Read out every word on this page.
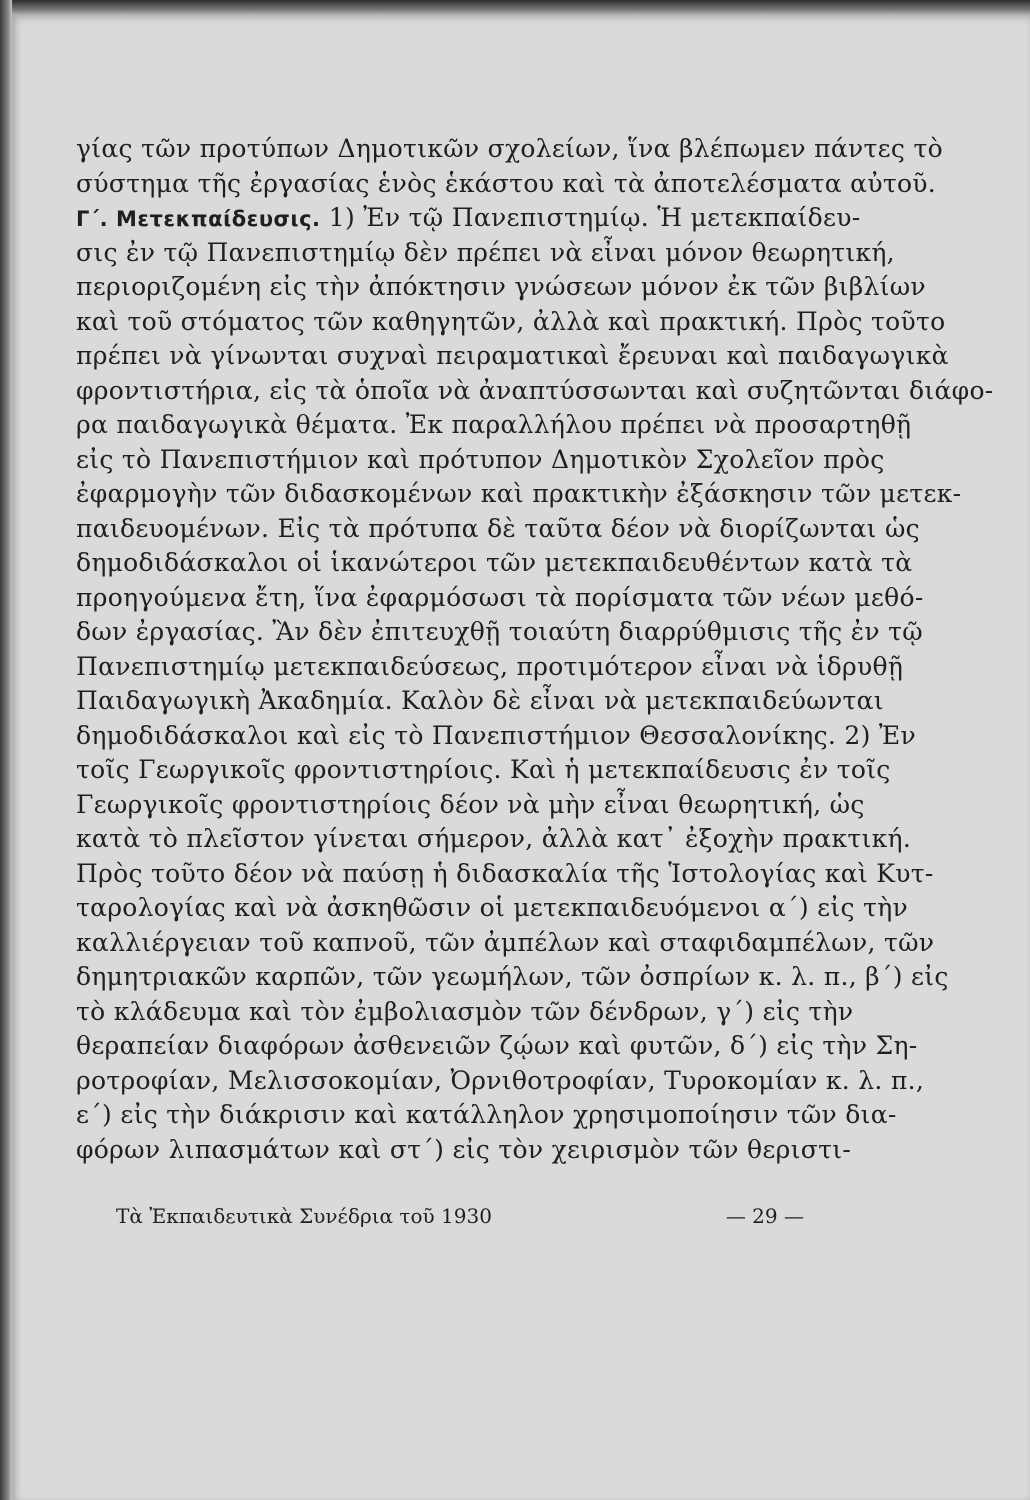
γίας τῶν προτύπων Δημοτικῶν σχολείων, ἵνα βλέπωμεν πάντες τὸ
σύστημα τῆς ἐργασίας ἑνὸς ἑκάστου καὶ τὰ ἀποτελέσματα αὐτοῦ.
Γ΄. Μετεκπαίδευσις. 1) Ἐν τῷ Πανεπιστημίῳ. Ἡ μετεκπαίδευ-
σις ἐν τῷ Πανεπιστημίῳ δὲν πρέπει νὰ εἶναι μόνον θεωρητική,
περιοριζομένη εἰς τὴν ἀπόκτησιν γνώσεων μόνον ἐκ τῶν βιβλίων
καὶ τοῦ στόματος τῶν καθηγητῶν, ἀλλὰ καὶ πρακτική. Πρὸς τοῦτο
πρέπει νὰ γίνωνται συχναὶ πειραματικαὶ ἔρευναι καὶ παιδαγωγικὰ
φροντιστήρια, εἰς τὰ ὁποῖα νὰ ἀναπτύσσωνται καὶ συζητῶνται διάφο-
ρα παιδαγωγικὰ θέματα. Ἐκ παραλλήλου πρέπει νὰ προσαρτηθῇ
εἰς τὸ Πανεπιστήμιον καὶ πρότυπον Δημοτικὸν Σχολεῖον πρὸς
ἐφαρμογὴν τῶν διδασκομένων καὶ πρακτικὴν ἐξάσκησιν τῶν μετεκ-
παιδευομένων. Εἰς τὰ πρότυπα δὲ ταῦτα δέον νὰ διορίζωνται ὡς
δημοδιδάσκαλοι οἱ ἱκανώτεροι τῶν μετεκπαιδευθέντων κατὰ τὰ
προηγούμενα ἔτη, ἵνα ἐφαρμόσωσι τὰ πορίσματα τῶν νέων μεθό-
δων ἐργασίας. Ἂν δὲν ἐπιτευχθῇ τοιαύτη διαρρύθμισις τῆς ἐν τῷ
Πανεπιστημίῳ μετεκπαιδεύσεως, προτιμότερον εἶναι νὰ ἱδρυθῇ
Παιδαγωγικὴ Ἀκαδημία. Καλὸν δὲ εἶναι νὰ μετεκπαιδεύωνται
δημοδιδάσκαλοι καὶ εἰς τὸ Πανεπιστήμιον Θεσσαλονίκης. 2) Ἐν
τοῖς Γεωργικοῖς φροντιστηρίοις. Καὶ ἡ μετεκπαίδευσις ἐν τοῖς
Γεωργικοῖς φροντιστηρίοις δέον νὰ μὴν εἶναι θεωρητική, ὡς
κατὰ τὸ πλεῖστον γίνεται σήμερον, ἀλλὰ κατ᾿ ἐξοχὴν πρακτική.
Πρὸς τοῦτο δέον νὰ παύσῃ ἡ διδασκαλία τῆς Ἱστολογίας καὶ Κυτ-
ταρολογίας καὶ νὰ ἀσκηθῶσιν οἱ μετεκπαιδευόμενοι α΄) εἰς τὴν
καλλιέργειαν τοῦ καπνοῦ, τῶν ἀμπέλων καὶ σταφιδαμπέλων, τῶν
δημητριακῶν καρπῶν, τῶν γεωμήλων, τῶν ὀσπρίων κ. λ. π., β΄) εἰς
τὸ κλάδευμα καὶ τὸν ἐμβολιασμὸν τῶν δένδρων, γ΄) εἰς τὴν
θεραπείαν διαφόρων ἀσθενειῶν ζῴων καὶ φυτῶν, δ΄) εἰς τὴν Ση-
ροτροφίαν, Μελισσοκομίαν, Ὀρνιθοτροφίαν, Τυροκομίαν κ. λ. π.,
ε΄) εἰς τὴν διάκρισιν καὶ κατάλληλον χρησιμοποίησιν τῶν δια-
φόρων λιπασμάτων καὶ στ΄) εἰς τὸν χειρισμὸν τῶν θεριστι-
Τὰ Ἐκπαιδευτικὰ Συνέδρια τοῦ 1930	— 29 —
